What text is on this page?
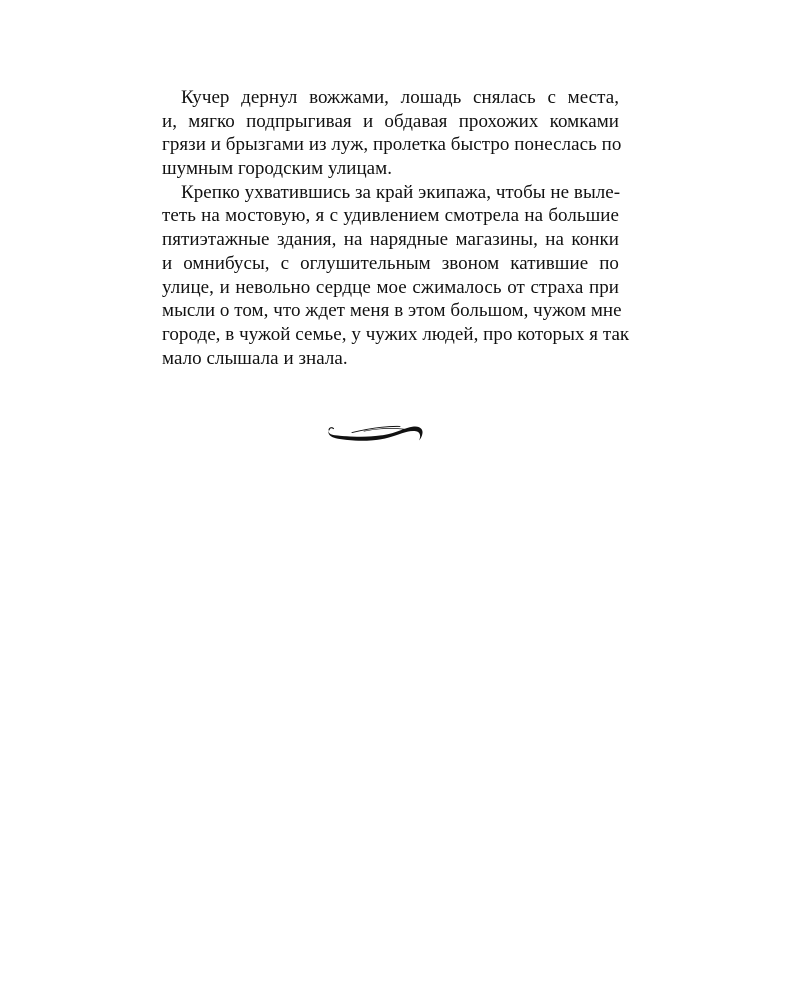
Кучер дернул вожжами, лошадь снялась с места,
и, мягко подпрыгивая и обдавая прохожих комками
грязи и брызгами из луж, пролетка быстро понеслась по
шумным городским улицам.
Крепко ухватившись за край экипажа, чтобы не выле-
теть на мостовую, я с удивлением смотрела на большие
пятиэтажные здания, на нарядные магазины, на конки
и омнибусы, с оглушительным звоном катившие по
улице, и невольно сердце мое сжималось от страха при
мысли о том, что ждет меня в этом большом, чужом мне
городе, в чужой семье, у чужих людей, про которых я так
мало слышала и знала.
